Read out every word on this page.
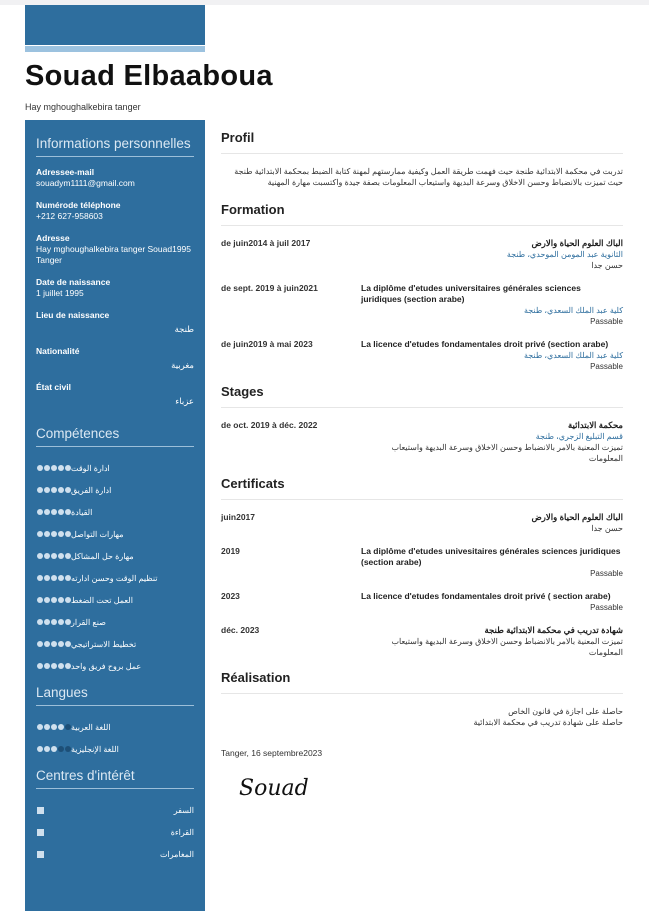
Souad Elbaaboua
Hay mghoughalkebira tanger
Informations personnelles
Adressee-mail
souadym1111@gmail.com
Numérode téléphone
+212 627-958603
Adresse
Hay mghoughalkebira tanger Souad1995 Tanger
Date de naissance
1 juillet 1995
Lieu de naissance
طنجة
Nationalité
مغربية
État civil
عزباء
Compétences
ادارة الوقت
ادارة الفريق
القيادة
مهارات التواصل
مهارة حل المشاكل
تنظيم الوقت وحسن ادارته
العمل تحت الضغط
صنع القرار
تخطيط الاستراتيجي
عمل بروح فريق واحد
Langues
اللغة العربية
اللغة الإنجليزية
Centres d'intérêt
السفر
القراءة
المغامرات
Profil
تدربت في محكمة الابتدائية طنجة حيث فهمت طريقة العمل وكيفية ممارستهم لمهنة كتابة الضبط بمحكمة الابتدائية طنجة حيث تميزت بالانضباط وحسن الاخلاق وسرعة البديهة واستيعاب المعلومات بصفة جيدة واكتسبت مهارة المهنية
Formation
de juin2014 à juil 2017	الباك العلوم الحياة والارض
الثانوية عبد المومن الموحدي، طنجة
حسن جدا
de sept. 2019 à juin2021	La diplôme d'etudes universitaires générales sciences juridiques (section arabe)
كلية عبد الملك السعدي، طنجة
Passable
de juin2019 à mai 2023	La licence d'etudes fondamentales droit privé (section arabe)
كلية عبد الملك السعدي، طنجة
Passable
Stages
de oct. 2019 à déc. 2022	محكمة الابتدائية
قسم التبليغ الزجري، طنجة
تميزت المعنية بالامر بالانضباط وحسن الاخلاق وسرعة البديهة واستيعاب المعلومات
Certificats
juin2017	الباك العلوم الحياة والارض
حسن جدا
2019	La diplôme d'etudes univesitaires générales sciences juridiques (section arabe)
Passable
2023	La licence d'etudes fondamentales droit privé ( section arabe)
Passable
déc. 2023	شهادة تدريب في محكمة الابتدائية طنجة
تميزت المعنية بالامر بالانضباط وحسن الاخلاق وسرعة البديهة واستيعاب المعلومات
Réalisation
حاصلة على اجازة في قانون الخاص
حاصلة على شهادة تدريب في محكمة الابتدائية
Tanger, 16 septembre2023
Souad
